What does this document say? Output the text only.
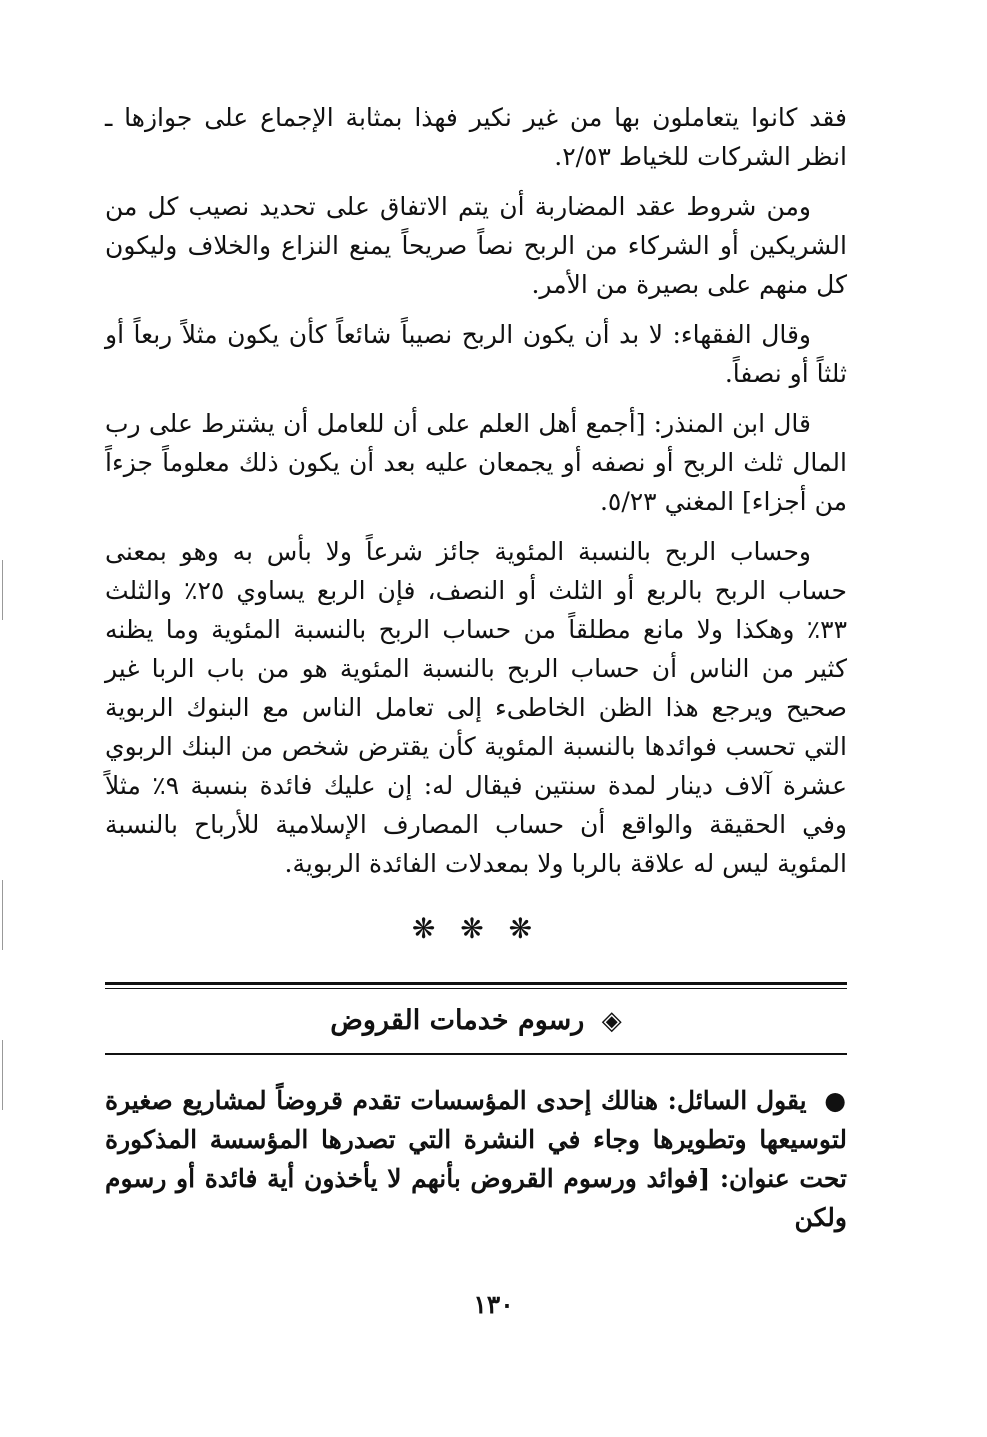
فقد كانوا يتعاملون بها من غير نكير فهذا بمثابة الإجماع على جوازها ـ انظر الشركات للخياط ٢/٥٣.

ومن شروط عقد المضاربة أن يتم الاتفاق على تحديد نصيب كل من الشريكين أو الشركاء من الربح نصاً صريحاً يمنع النزاع والخلاف وليكون كل منهم على بصيرة من الأمر.

وقال الفقهاء: لا بد أن يكون الربح نصيباً شائعاً كأن يكون مثلاً ربعاً أو ثلثاً أو نصفاً.

قال ابن المنذر: [أجمع أهل العلم على أن للعامل أن يشترط على رب المال ثلث الربح أو نصفه أو يجمعان عليه بعد أن يكون ذلك معلوماً جزءاً من أجزاء] المغني ٥/٢٣.

وحساب الربح بالنسبة المئوية جائز شرعاً ولا بأس به وهو بمعنى حساب الربح بالربع أو الثلث أو النصف، فإن الربع يساوي ٢٥٪ والثلث ٣٣٪ وهكذا ولا مانع مطلقاً من حساب الربح بالنسبة المئوية وما يظنه كثير من الناس أن حساب الربح بالنسبة المئوية هو من باب الربا غير صحيح ويرجع هذا الظن الخاطىء إلى تعامل الناس مع البنوك الربوية التي تحسب فوائدها بالنسبة المئوية كأن يقترض شخص من البنك الربوي عشرة آلاف دينار لمدة سنتين فيقال له: إن عليك فائدة بنسبة ٩٪ مثلاً وفي الحقيقة والواقع أن حساب المصارف الإسلامية للأرباح بالنسبة المئوية ليس له علاقة بالربا ولا بمعدلات الفائدة الربوية.

❋ ❋ ❋
◈ رسوم خدمات القروض

● يقول السائل: هنالك إحدى المؤسسات تقدم قروضاً لمشاريع صغيرة لتوسيعها وتطويرها وجاء في النشرة التي تصدرها المؤسسة المذكورة تحت عنوان: [فوائد ورسوم القروض بأنهم لا يأخذون أية فائدة أو رسوم ولكن

١٣٠
